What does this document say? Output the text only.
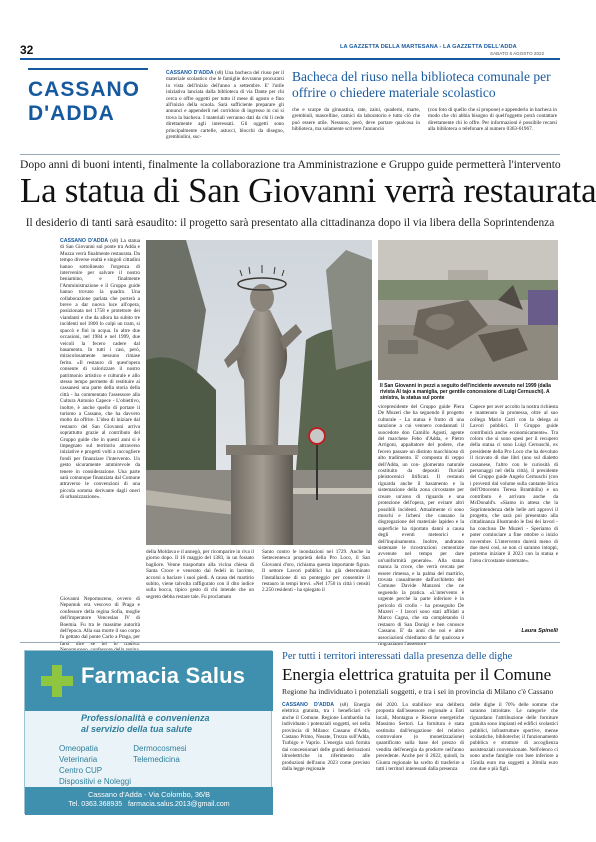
32	LA GAZZETTA DELLA MARTESANA - LA GAZZETTA DELL'ADDA
SABATO 6 AGOSTO 2022
CASSANO
D'ADDA
CASSANO D'ADDA (s8) Una bacheca del riuso per il materiale scolastico che le famiglie dovranno procurarsi in vista dell'inizio dell'anno a settembre. E' l'utile iniziativa lanciata dalla biblioteca di via Dante per chi cerca o offre oggetti per tutto il mese di agosto e fino all'inizio della scuola. Sarà sufficiente preparare gli annunci e appenderli nel corridoio di ingresso in cui si trova la bacheca. I materiali verranno dati da chi li cede direttamente agli interessati. Gli oggetti sono principalmente cartelle, astucci, blocchi da disegno, grembiulini, suc-
Bacheca del riuso nella biblioteca comunale per offrire o chiedere materiale scolastico
che e scarpe da ginnastica, rate, zaini, quaderni, marte, grembiuli, mascelline, camici da laboratorio e tutto ciò che può essere utile. Nessuno, però, deve portare qualcosa in biblioteca, ma solamente scrivere l'annuncio
(con foto di quello che si propone) e appenderlo in bacheca in modo che chi abbia bisogno di quell'oggetto potrà contattare direttamente chi lo offre. Per informazioni è possibile recarsi alla biblioteca o telefonare al numero 0363-61967.
Dopo anni di buoni intenti, finalmente la collaborazione tra Amministrazione e Gruppo guide permetterà l'intervento
La statua di San Giovanni verrà restaurata
Il desiderio di tanti sarà esaudito: il progetto sarà presentato alla cittadinanza dopo il via libera della Soprintendenza
CASSANO D'ADDA (s8) La statua di San Giovanni sul ponte tra Adda e Muzza verrà finalmente restaurata. Da tempo diverse realtà e singoli cittadini hanno sottolineato l'urgenza di intervenire per salvare il nostro beniamino, e finalmente l'Amministrazione e il Gruppo guide hanno trovato la quadra. Una collaborazione parlata che porterà a breve a dar nuova luce all'opera, posizionata nel 1758 e protettore dei viandanti e che da allora ha subito tre incidenti nel 1800 lo colpì un tram, si spaccò e finì in acqua. In altre due occasioni, nel 1984 e nel 1999, due veicoli la fecero cadere dal basamento. In tutti i casi, però, miracolosamente nessuno rimase ferito. «Il restauro di quest'opera consente di valorizzare il nostro patrimonio artistico e culturale e allo stesso tempo permette di restituire ai cassanesi una parte della storia della città - ha commentato l'assessore alla Cultura Antonio Capece - L'obiettivo, inoltre, è anche quello di portare il turismo a Cassano, che ha davvero molto da offrire. L'idea di iniziare dal restauro del San Giovanni arriva soprattutto grazie al contributo del Gruppo guide che in questi anni si è impegnato sul territorio attraverso iniziative e progetti volti a raccogliere fondi per finanziare l'intervento. Un gesto sicuramente ammirevole da tenere in considerazione. Una parte sarà comunque finanziata dal Comune attraverso le convenzioni di una piccola somma derivante dagli oneri di urbanizzazione».
Giovanni Nepomuceno, ovvero di Nepomuk era vescovo di Praga e confessore della regina Sofia, moglie dell'imperatore Venceslao IV di Boemia. Fu tra le massime autorità dell'epoca. Alla sua morte il suo corpo fu gettato dal ponte Carlo a Praga, per farsi dire se lei lo tradiva.
della Moldava e il annegò, per ricomparire in riva il giorno dopo. Il 16 maggio del 1383, in un fossato bagliore. Venne trasportato alla vicina chiesa di Santa Croce e venerato dai fedeli in lacrime, accorsi a baciare i suoi piedi. A causa del martirio subito, viene talvolta raffigurato con il dito indice sulla bocca, tipico gesto di chi intende che un segreto debba restare tale. Fu proclamato
Santo contro le inondazioni nel 1729. Anche la Settecentesca proprietà della Pro Loco, il San Giovanni d'oro, richiama questa importante figura. Il settore Lavori pubblici ha già determinato l'installazione di un ponteggio per consentire il restauro in tempi brevi. «Nel 1750 in città i censiti 2.250 residenti - ha spiegato il
Il San Giovanni in pezzi a seguito dell'incidente avvenuto nel 1999 (dalla rivista Al tajo a maniglia, per gentile concessione di Luigi Cernuschi). A sinistra, la statua sul ponte
vicepresidente del Gruppo guide Piera De Muzeri che ha seguendo il progetto culturale - La statua è frutto di una sanzione a cui vennero condannati il suocedote don Camillo Agosti, agente del marchese Febo d'Adda, e Pietro Arrigoni, appaltatore del podere, che fecero passare un distinto macchinoso di alto tradimento. E' composta di ceppo dell'Adda, un con- glomerato naturale costituito da depositi fluviali pleistocenici litificati. Il restauro riguarda anche il basamento e la sistemazione della zona circostante per creare un'area di riguardo e una protezione dell'opera, per evitare altri possibili incidenti. Attualmente ci sono muschi e licheni che causano la disgregazione del materiale lapideo e la superficie ha riportato danni a causa degli eventi meteorici e dell'inquinamento. Inoltre, andranno sistemate le ricostruzioni cementizie avvenute nel tempo per dare un'uniformità generale». Alla statua manca la croce, che verrà cercata per essere rimessa, e la palma del martirio, trovata casualmente dall'architetto del Comune Davide Manzoni che ne seguendo la pratica. «L'intervento è urgente perché la parte inferiore è in pericolo di crollo - ha proseguito De Muzeri - I lavori sono stati affidati a Marco Cagna, che sta completando il restauro di San Donigi e ben conosce Cassano. E' da anni che noi e altre associazioni chiediamo di far qualcosa e ringraziamo l'assessore
Capece per aver accolto la nostra richiesta e mantenuto la promessa, oltre al suo collega Mario Carri con la delega ai Lavori pubblici. Il Gruppo guide contribuirà anche economicamente». Tra coloro che si sono spesi per il recupero della statua ci sono Luigi Cernuschi, ex presidente della Pro Loco che ha devoluto il ricavato di due libri (uno sul dialetto cassanese, l'altro con le curiosità di personaggi nel della città), il presidente del Gruppo guide Angelo Cernuschi (con i proventi dal volume sulla cantante lirica dell'Ottocento Teresa Brambilla) e un contributo è arrivato anche da McDonald's. «Siamo in attesa che la Soprintendenza delle belle arti approvi il progetto, che sarà poi presentato alla cittadinanza illustrando le fasi dei lavori - ha concluso De Muzeri - Speriamo di poter cominciare a fine ottobre o inizio novembre. L'intervento durerà meno di due mesi così, se non ci saranno intoppi, potremo iniziare il 2023 con la statua e l'area circostante sistemate».
Laura Spinelli
Farmacia Salus
Professionalità e convenienza
al servizio della tua salute
Omeopatia	Dermocosmesi
Veterinaria	Telemedicina
Centro CUP
Dispositivi e Noleggi
Cassano d'Adda - Via Colombo, 36/B
Tel. 0363.368935   farmacia.salus.2013@gmail.com
Per tutti i territori interessati dalla presenza delle dighe
Energia elettrica gratuita per il Comune
Regione ha individuato i potenziali soggetti, e tra i sei in provincia di Milano c'è Cassano
CASSANO D'ADDA (s8) Energia elettrica gratuita, tra i beneficiari c'è anche il Comune. Regione Lombardia ha individuato i potenziali soggetti, sei nella provincia di Milano: Cassano d'Adda, Castano Primo, Nosate, Trezzo sull'Adda, Turbigo e Vaprio. L'energia sarà fornita dai concessionari delle grandi derivazioni idroelettriche in riferimento alle produzioni dell'anno 2023 come previsto dalla legge regionale
del 2020. Lo stabilisce una delibera proposta dall'assessore regionale a Enti locali, Montagna e Risorse energetiche Massimo Sertori. La fornitura è stata sostituita dall'erogazione del relativo controvalore (o monetizzazione) quantificato sulla base del prezzo di vendita dell'energia da produrre nell'anno precedente. Anche per il 2022, quindi, la Giunta regionale ha scelto di trasferire a tutti i territori interessati dalla presenza
delle dighe il 70% delle somme che saranno introitate. Le categorie che riguardano l'attribuzione delle forniture gratuita sono impianti ed edifici scolastici pubblici, infrastrutture sportive, mense scolastiche, biblioteche; il funzionamento pubblica e strutture di accoglienza assistenziali convenzionate. Nell'elenco ci sono anche famiglie con Isee inferiore a 15mila euro ma soggetti a 30mila euro con due o più figli.
